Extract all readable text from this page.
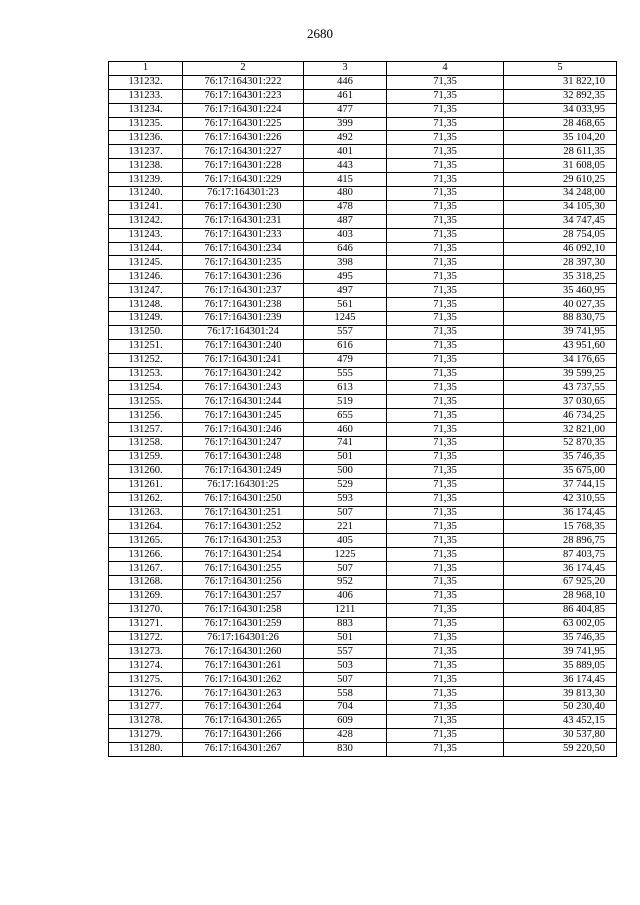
2680
1	2	3	4	5
131232.	76:17:164301:222	446	71,35	31 822,10
131233.	76:17:164301:223	461	71,35	32 892,35
131234.	76:17:164301:224	477	71,35	34 033,95
131235.	76:17:164301:225	399	71,35	28 468,65
131236.	76:17:164301:226	492	71,35	35 104,20
131237.	76:17:164301:227	401	71,35	28 611,35
131238.	76:17:164301:228	443	71,35	31 608,05
131239.	76:17:164301:229	415	71,35	29 610,25
131240.	76:17:164301:23	480	71,35	34 248,00
131241.	76:17:164301:230	478	71,35	34 105,30
131242.	76:17:164301:231	487	71,35	34 747,45
131243.	76:17:164301:233	403	71,35	28 754,05
131244.	76:17:164301:234	646	71,35	46 092,10
131245.	76:17:164301:235	398	71,35	28 397,30
131246.	76:17:164301:236	495	71,35	35 318,25
131247.	76:17:164301:237	497	71,35	35 460,95
131248.	76:17:164301:238	561	71,35	40 027,35
131249.	76:17:164301:239	1245	71,35	88 830,75
131250.	76:17:164301:24	557	71,35	39 741,95
131251.	76:17:164301:240	616	71,35	43 951,60
131252.	76:17:164301:241	479	71,35	34 176,65
131253.	76:17:164301:242	555	71,35	39 599,25
131254.	76:17:164301:243	613	71,35	43 737,55
131255.	76:17:164301:244	519	71,35	37 030,65
131256.	76:17:164301:245	655	71,35	46 734,25
131257.	76:17:164301:246	460	71,35	32 821,00
131258.	76:17:164301:247	741	71,35	52 870,35
131259.	76:17:164301:248	501	71,35	35 746,35
131260.	76:17:164301:249	500	71,35	35 675,00
131261.	76:17:164301:25	529	71,35	37 744,15
131262.	76:17:164301:250	593	71,35	42 310,55
131263.	76:17:164301:251	507	71,35	36 174,45
131264.	76:17:164301:252	221	71,35	15 768,35
131265.	76:17:164301:253	405	71,35	28 896,75
131266.	76:17:164301:254	1225	71,35	87 403,75
131267.	76:17:164301:255	507	71,35	36 174,45
131268.	76:17:164301:256	952	71,35	67 925,20
131269.	76:17:164301:257	406	71,35	28 968,10
131270.	76:17:164301:258	1211	71,35	86 404,85
131271.	76:17:164301:259	883	71,35	63 002,05
131272.	76:17:164301:26	501	71,35	35 746,35
131273.	76:17:164301:260	557	71,35	39 741,95
131274.	76:17:164301:261	503	71,35	35 889,05
131275.	76:17:164301:262	507	71,35	36 174,45
131276.	76:17:164301:263	558	71,35	39 813,30
131277.	76:17:164301:264	704	71,35	50 230,40
131278.	76:17:164301:265	609	71,35	43 452,15
131279.	76:17:164301:266	428	71,35	30 537,80
131280.	76:17:164301:267	830	71,35	59 220,50
